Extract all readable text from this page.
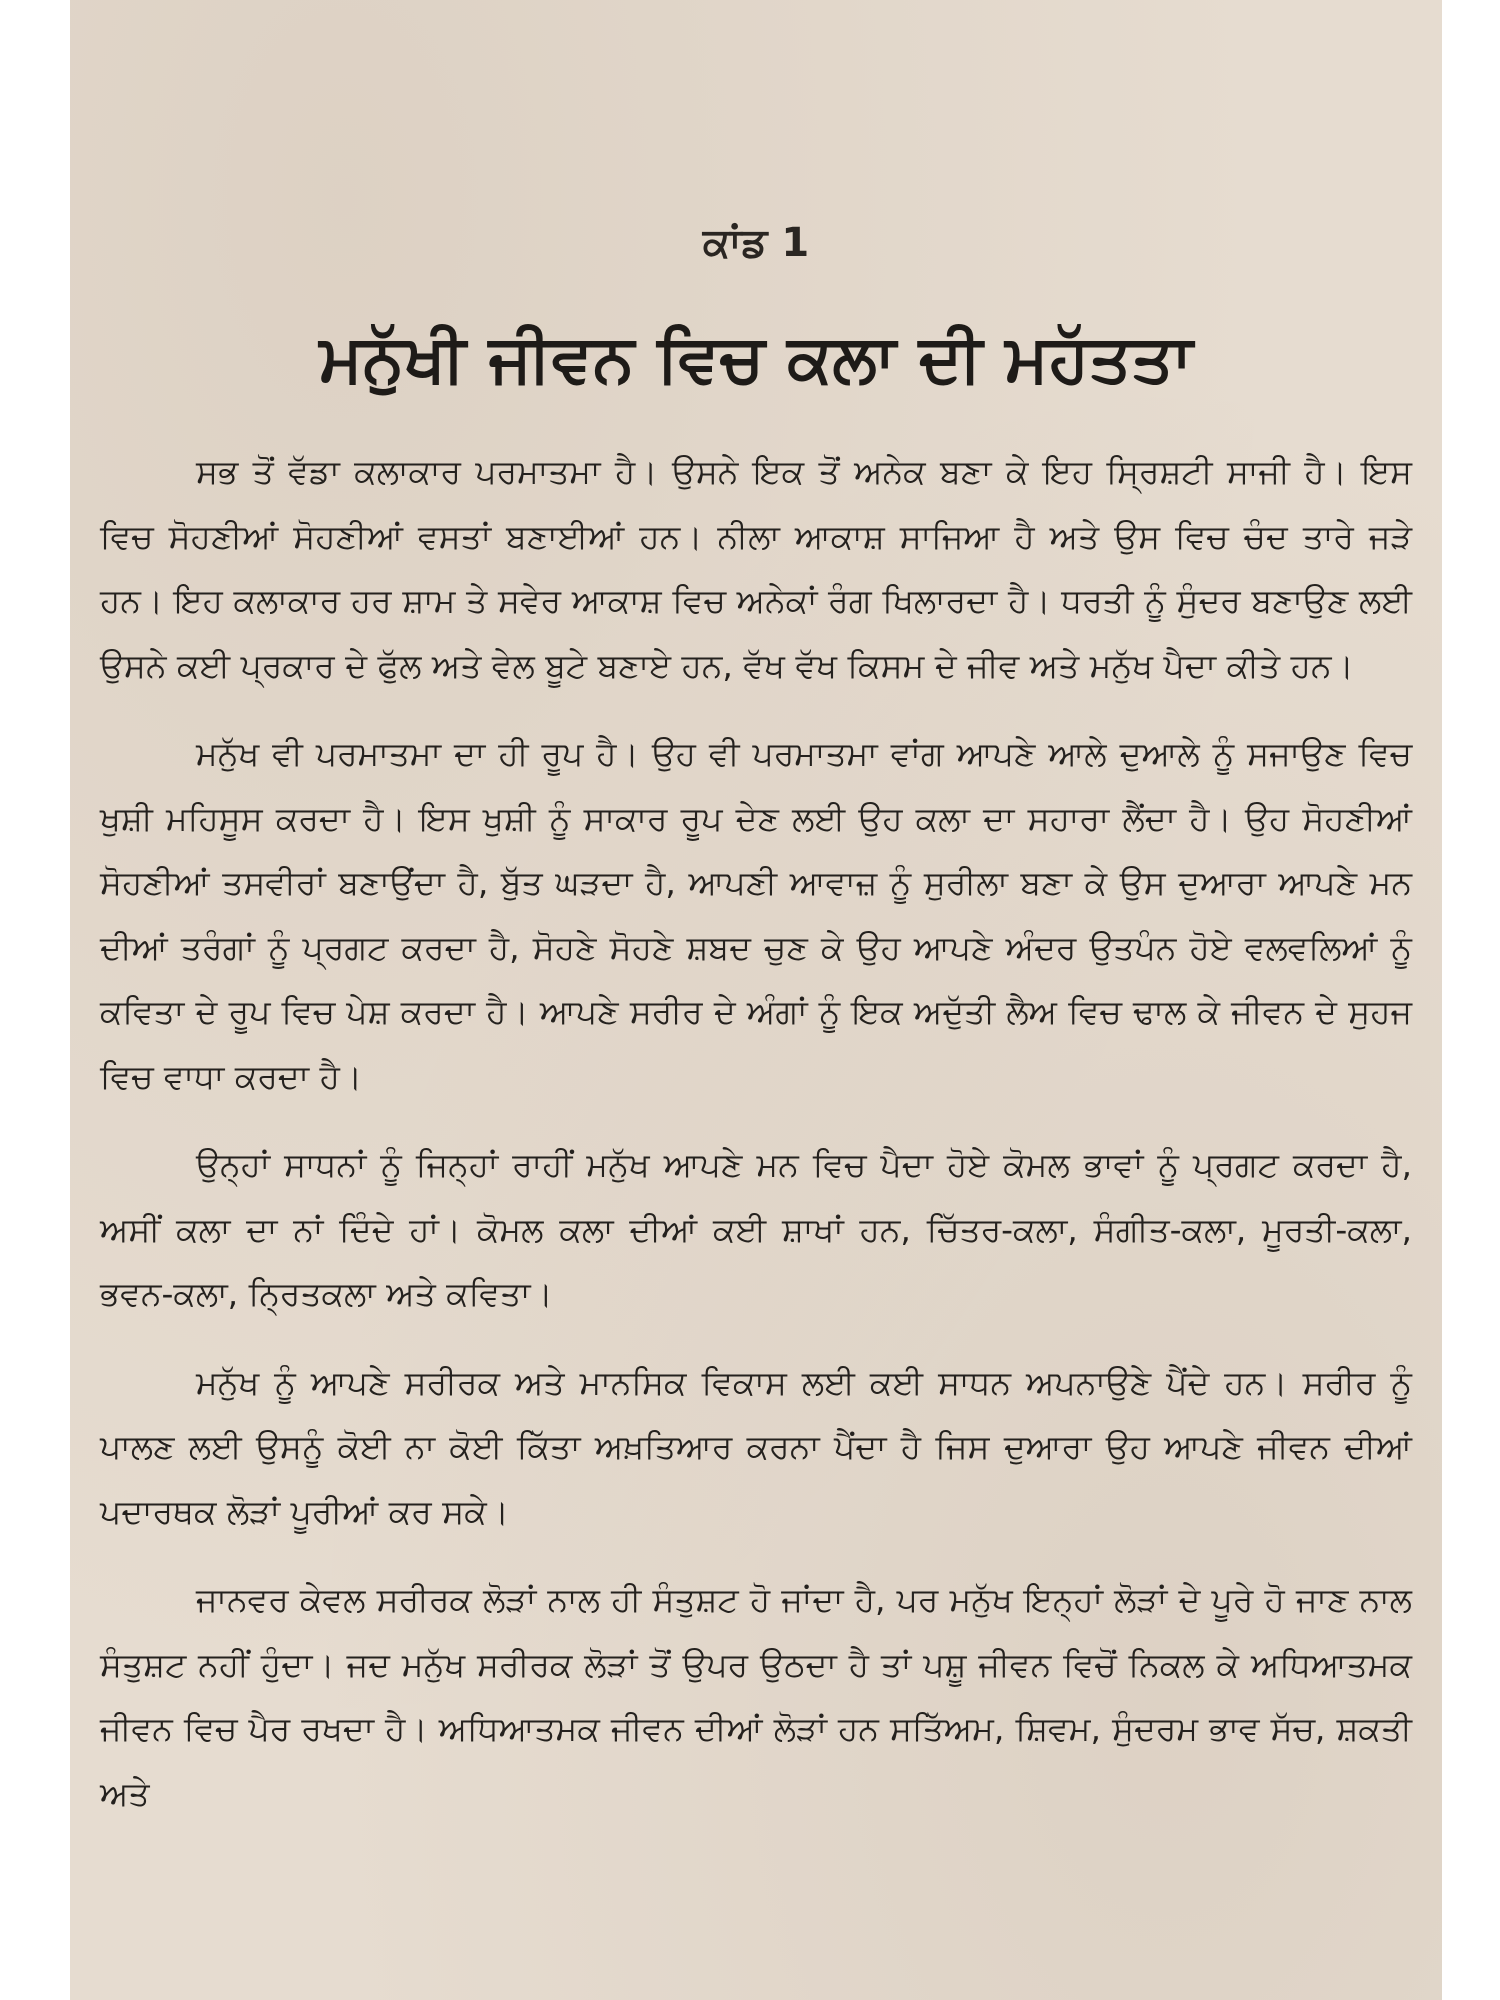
ਕਾਂਡ 1
ਮਨੁੱਖੀ ਜੀਵਨ ਵਿਚ ਕਲਾ ਦੀ ਮਹੱਤਤਾ

ਸਭ ਤੋਂ ਵੱਡਾ ਕਲਾਕਾਰ ਪਰਮਾਤਮਾ ਹੈ। ਉਸਨੇ ਇਕ ਤੋਂ ਅਨੇਕ ਬਣਾ ਕੇ ਇਹ ਸ੍ਰਿਸ਼ਟੀ ਸਾਜੀ ਹੈ। ਇਸ ਵਿਚ ਸੋਹਣੀਆਂ ਸੋਹਣੀਆਂ ਵਸਤਾਂ ਬਣਾਈਆਂ ਹਨ। ਨੀਲਾ ਆਕਾਸ਼ ਸਾਜਿਆ ਹੈ ਅਤੇ ਉਸ ਵਿਚ ਚੰਦ ਤਾਰੇ ਜੜੇ ਹਨ। ਇਹ ਕਲਾਕਾਰ ਹਰ ਸ਼ਾਮ ਤੇ ਸਵੇਰ ਆਕਾਸ਼ ਵਿਚ ਅਨੇਕਾਂ ਰੰਗ ਖਿਲਾਰਦਾ ਹੈ। ਧਰਤੀ ਨੂੰ ਸੁੰਦਰ ਬਣਾਉਣ ਲਈ ਉਸਨੇ ਕਈ ਪ੍ਰਕਾਰ ਦੇ ਫੁੱਲ ਅਤੇ ਵੇਲ ਬੂਟੇ ਬਣਾਏ ਹਨ, ਵੱਖ ਵੱਖ ਕਿਸਮ ਦੇ ਜੀਵ ਅਤੇ ਮਨੁੱਖ ਪੈਦਾ ਕੀਤੇ ਹਨ।

ਮਨੁੱਖ ਵੀ ਪਰਮਾਤਮਾ ਦਾ ਹੀ ਰੂਪ ਹੈ। ਉਹ ਵੀ ਪਰਮਾਤਮਾ ਵਾਂਗ ਆਪਣੇ ਆਲੇ ਦੁਆਲੇ ਨੂੰ ਸਜਾਉਣ ਵਿਚ ਖੁਸ਼ੀ ਮਹਿਸੂਸ ਕਰਦਾ ਹੈ। ਇਸ ਖੁਸ਼ੀ ਨੂੰ ਸਾਕਾਰ ਰੂਪ ਦੇਣ ਲਈ ਉਹ ਕਲਾ ਦਾ ਸਹਾਰਾ ਲੈਂਦਾ ਹੈ। ਉਹ ਸੋਹਣੀਆਂ ਸੋਹਣੀਆਂ ਤਸਵੀਰਾਂ ਬਣਾਉਂਦਾ ਹੈ, ਬੁੱਤ ਘੜਦਾ ਹੈ, ਆਪਣੀ ਆਵਾਜ਼ ਨੂੰ ਸੁਰੀਲਾ ਬਣਾ ਕੇ ਉਸ ਦੁਆਰਾ ਆਪਣੇ ਮਨ ਦੀਆਂ ਤਰੰਗਾਂ ਨੂੰ ਪ੍ਰਗਟ ਕਰਦਾ ਹੈ, ਸੋਹਣੇ ਸੋਹਣੇ ਸ਼ਬਦ ਚੁਣ ਕੇ ਉਹ ਆਪਣੇ ਅੰਦਰ ਉਤਪੰਨ ਹੋਏ ਵਲਵਲਿਆਂ ਨੂੰ ਕਵਿਤਾ ਦੇ ਰੂਪ ਵਿਚ ਪੇਸ਼ ਕਰਦਾ ਹੈ। ਆਪਣੇ ਸਰੀਰ ਦੇ ਅੰਗਾਂ ਨੂੰ ਇਕ ਅਦੁੱਤੀ ਲੈਅ ਵਿਚ ਢਾਲ ਕੇ ਜੀਵਨ ਦੇ ਸੁਹਜ ਵਿਚ ਵਾਧਾ ਕਰਦਾ ਹੈ।

ਉਨ੍ਹਾਂ ਸਾਧਨਾਂ ਨੂੰ ਜਿਨ੍ਹਾਂ ਰਾਹੀਂ ਮਨੁੱਖ ਆਪਣੇ ਮਨ ਵਿਚ ਪੈਦਾ ਹੋਏ ਕੋਮਲ ਭਾਵਾਂ ਨੂੰ ਪ੍ਰਗਟ ਕਰਦਾ ਹੈ, ਅਸੀਂ ਕਲਾ ਦਾ ਨਾਂ ਦਿੰਦੇ ਹਾਂ। ਕੋਮਲ ਕਲਾ ਦੀਆਂ ਕਈ ਸ਼ਾਖਾਂ ਹਨ, ਚਿੱਤਰ-ਕਲਾ, ਸੰਗੀਤ-ਕਲਾ, ਮੂਰਤੀ-ਕਲਾ, ਭਵਨ-ਕਲਾ, ਨ੍ਰਿਤਕਲਾ ਅਤੇ ਕਵਿਤਾ।

ਮਨੁੱਖ ਨੂੰ ਆਪਣੇ ਸਰੀਰਕ ਅਤੇ ਮਾਨਸਿਕ ਵਿਕਾਸ ਲਈ ਕਈ ਸਾਧਨ ਅਪਨਾਉਣੇ ਪੈਂਦੇ ਹਨ। ਸਰੀਰ ਨੂੰ ਪਾਲਣ ਲਈ ਉਸਨੂੰ ਕੋਈ ਨਾ ਕੋਈ ਕਿੱਤਾ ਅਖ਼ਤਿਆਰ ਕਰਨਾ ਪੈਂਦਾ ਹੈ ਜਿਸ ਦੁਆਰਾ ਉਹ ਆਪਣੇ ਜੀਵਨ ਦੀਆਂ ਪਦਾਰਥਕ ਲੋੜਾਂ ਪੂਰੀਆਂ ਕਰ ਸਕੇ।

ਜਾਨਵਰ ਕੇਵਲ ਸਰੀਰਕ ਲੋੜਾਂ ਨਾਲ ਹੀ ਸੰਤੁਸ਼ਟ ਹੋ ਜਾਂਦਾ ਹੈ, ਪਰ ਮਨੁੱਖ ਇਨ੍ਹਾਂ ਲੋੜਾਂ ਦੇ ਪੂਰੇ ਹੋ ਜਾਣ ਨਾਲ ਸੰਤੁਸ਼ਟ ਨਹੀਂ ਹੁੰਦਾ। ਜਦ ਮਨੁੱਖ ਸਰੀਰਕ ਲੋੜਾਂ ਤੋਂ ਉਪਰ ਉਠਦਾ ਹੈ ਤਾਂ ਪਸ਼ੂ ਜੀਵਨ ਵਿਚੋਂ ਨਿਕਲ ਕੇ ਅਧਿਆਤਮਕ ਜੀਵਨ ਵਿਚ ਪੈਰ ਰਖਦਾ ਹੈ। ਅਧਿਆਤਮਕ ਜੀਵਨ ਦੀਆਂ ਲੋੜਾਂ ਹਨ ਸਤਿੱਅਮ, ਸ਼ਿਵਮ, ਸੁੰਦਰਮ ਭਾਵ ਸੱਚ, ਸ਼ਕਤੀ ਅਤੇ
